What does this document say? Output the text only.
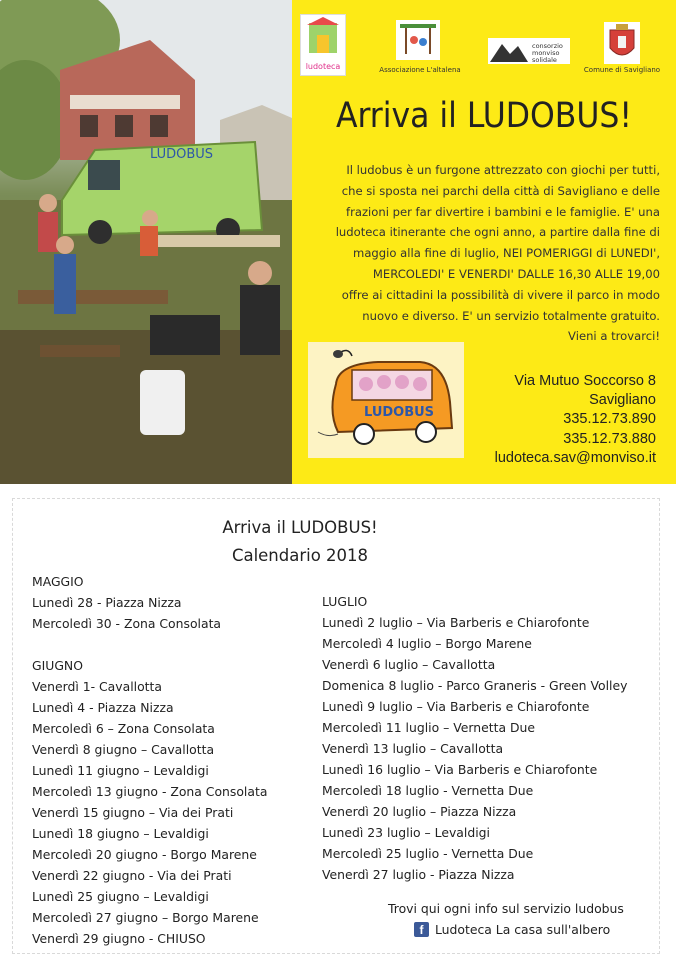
LUDOBUS
ludoteca	Associazione L'altalena
consorzio
monviso
solidale
Comune di Savigliano
Arriva il LUDOBUS!
Il ludobus è un furgone attrezzato con giochi per tutti,
che si sposta nei parchi della città di Savigliano e delle
frazioni per far divertire i bambini e le famiglie. E' una
ludoteca itinerante che ogni anno, a partire dalla fine di
maggio alla fine di luglio, NEI POMERIGGI di LUNEDI',
MERCOLEDI' E VENERDI' DALLE 16,30 ALLE 19,00
offre ai cittadini la possibilità di vivere il parco in modo
nuovo e diverso. E' un servizio totalmente gratuito.
Vieni a trovarci!
LUDOBUS
Via Mutuo Soccorso 8
Savigliano
335.12.73.890
335.12.73.880
ludoteca.sav@monviso.it
Arriva il LUDOBUS!
Calendario 2018
MAGGIO
Lunedì 28 - Piazza Nizza
Mercoledì 30 - Zona Consolata
GIUGNO
Venerdì 1- Cavallotta
Lunedì 4 - Piazza Nizza
Mercoledì 6 – Zona Consolata
Venerdì 8 giugno – Cavallotta
Lunedì 11 giugno – Levaldigi
Mercoledì 13 giugno - Zona Consolata
Venerdì 15 giugno – Via dei Prati
Lunedì 18 giugno – Levaldigi
Mercoledì 20 giugno - Borgo Marene
Venerdì 22 giugno - Via dei Prati
Lunedì 25 giugno – Levaldigi
Mercoledì 27 giugno – Borgo Marene
Venerdì 29 giugno - CHIUSO
LUGLIO
Lunedì 2 luglio – Via Barberis e Chiarofonte
Mercoledì 4 luglio – Borgo Marene
Venerdì 6 luglio – Cavallotta
Domenica 8 luglio - Parco Graneris - Green Volley
Lunedì 9 luglio – Via Barberis e Chiarofonte
Mercoledì 11 luglio – Vernetta Due
Venerdì 13 luglio – Cavallotta
Lunedì 16 luglio – Via Barberis e Chiarofonte
Mercoledì 18 luglio - Vernetta Due
Venerdì 20 luglio – Piazza Nizza
Lunedì 23 luglio – Levaldigi
Mercoledì 25 luglio - Vernetta Due
Venerdì 27 luglio - Piazza Nizza
Trovi qui ogni info sul servizio ludobus
f Ludoteca La casa sull'albero
